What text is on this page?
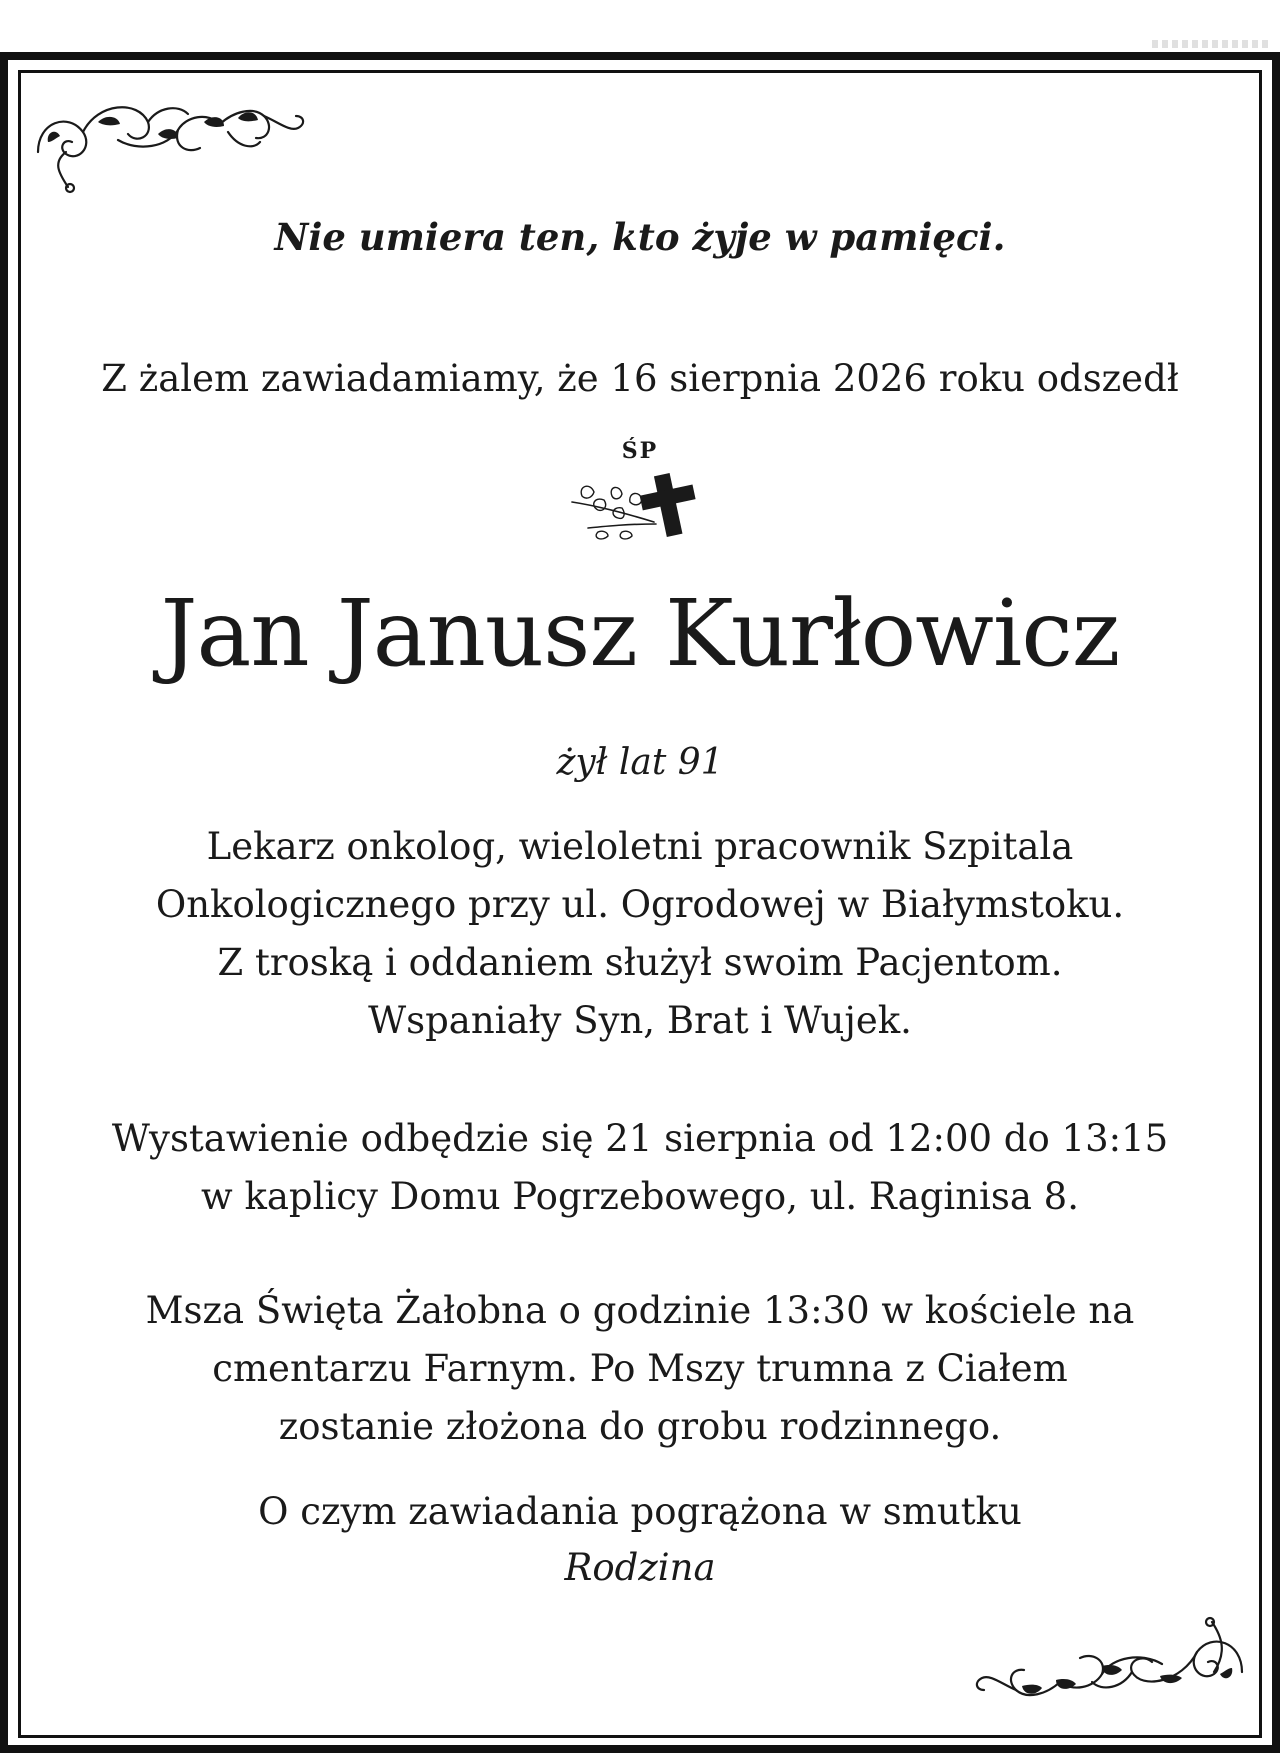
Nie umiera ten, kto żyje w pamięci.
Z żalem zawiadamiamy, że 16 sierpnia 2026 roku odszedł
ŚP
Jan Janusz Kurłowicz
żył lat 91
Lekarz onkolog, wieloletni pracownik Szpitala
Onkologicznego przy ul. Ogrodowej w Białymstoku.
Z troską i oddaniem służył swoim Pacjentom.
Wspaniały Syn, Brat i Wujek.
Wystawienie odbędzie się 21 sierpnia od 12:00 do 13:15
w kaplicy Domu Pogrzebowego, ul. Raginisa 8.
Msza Święta Żałobna o godzinie 13:30 w kościele na
cmentarzu Farnym. Po Mszy trumna z Ciałem
zostanie złożona do grobu rodzinnego.
O czym zawiadania pogrążona w smutku
Rodzina
